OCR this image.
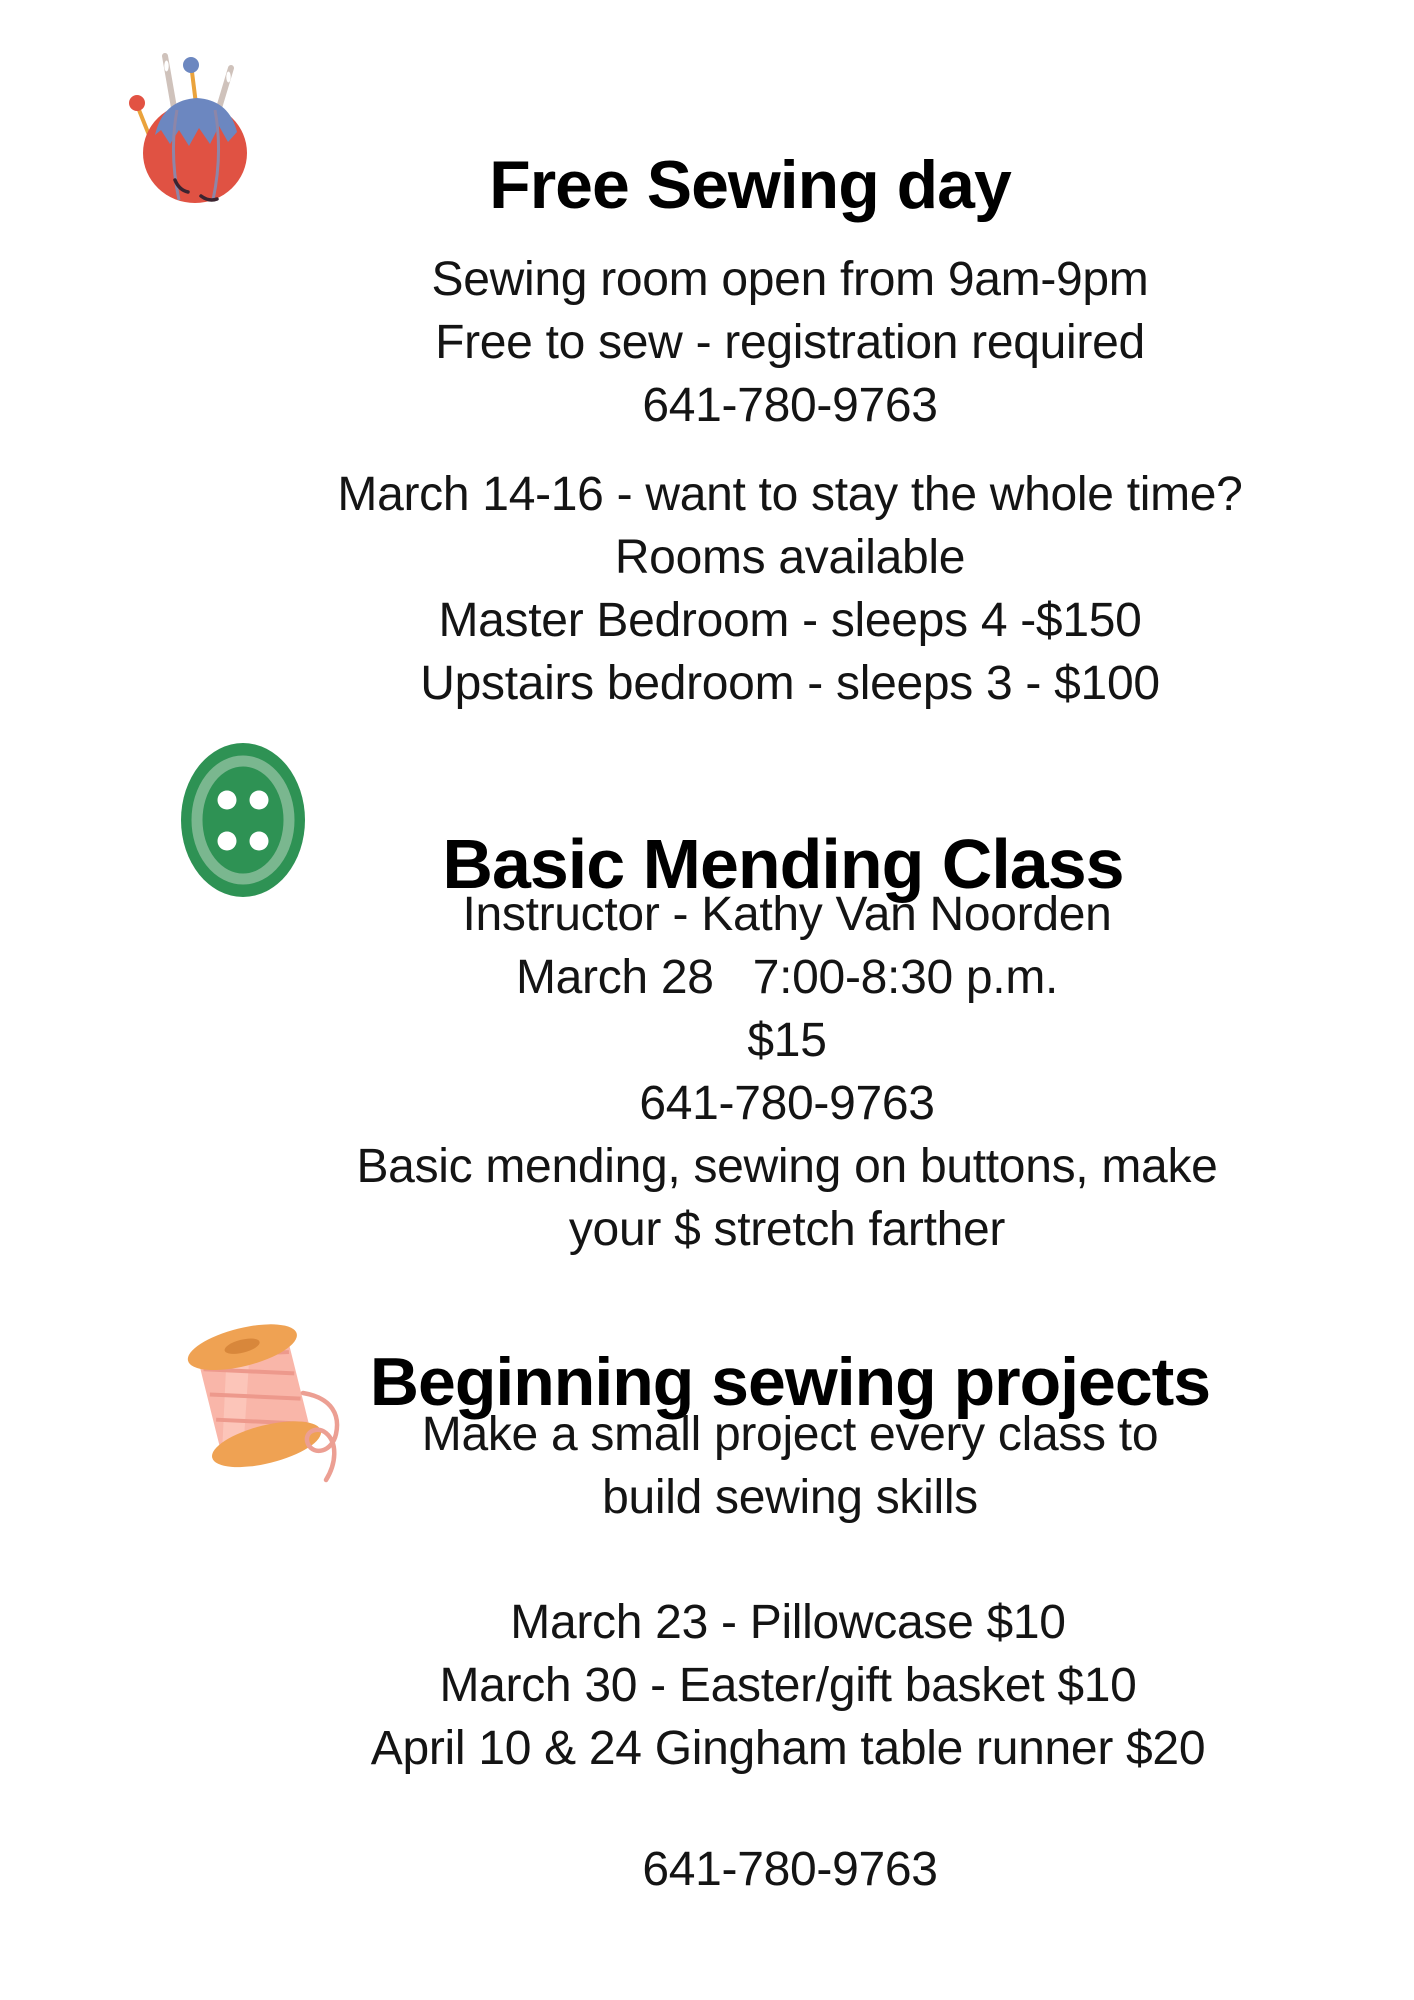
Free Sewing day
Sewing room open from 9am-9pm
Free to sew - registration required
641-780-9763
March 14-16 - want to stay the whole time?
Rooms available
Master Bedroom - sleeps 4 -$150
Upstairs bedroom - sleeps 3 - $100
Basic Mending Class
Instructor - Kathy Van Noorden
March 28   7:00-8:30 p.m.
$15
641-780-9763
Basic mending, sewing on buttons, make
your $ stretch farther
Beginning sewing projects
Make a small project every class to
build sewing skills
March 23 - Pillowcase $10
March 30 - Easter/gift basket $10
April 10 & 24 Gingham table runner $20
641-780-9763
